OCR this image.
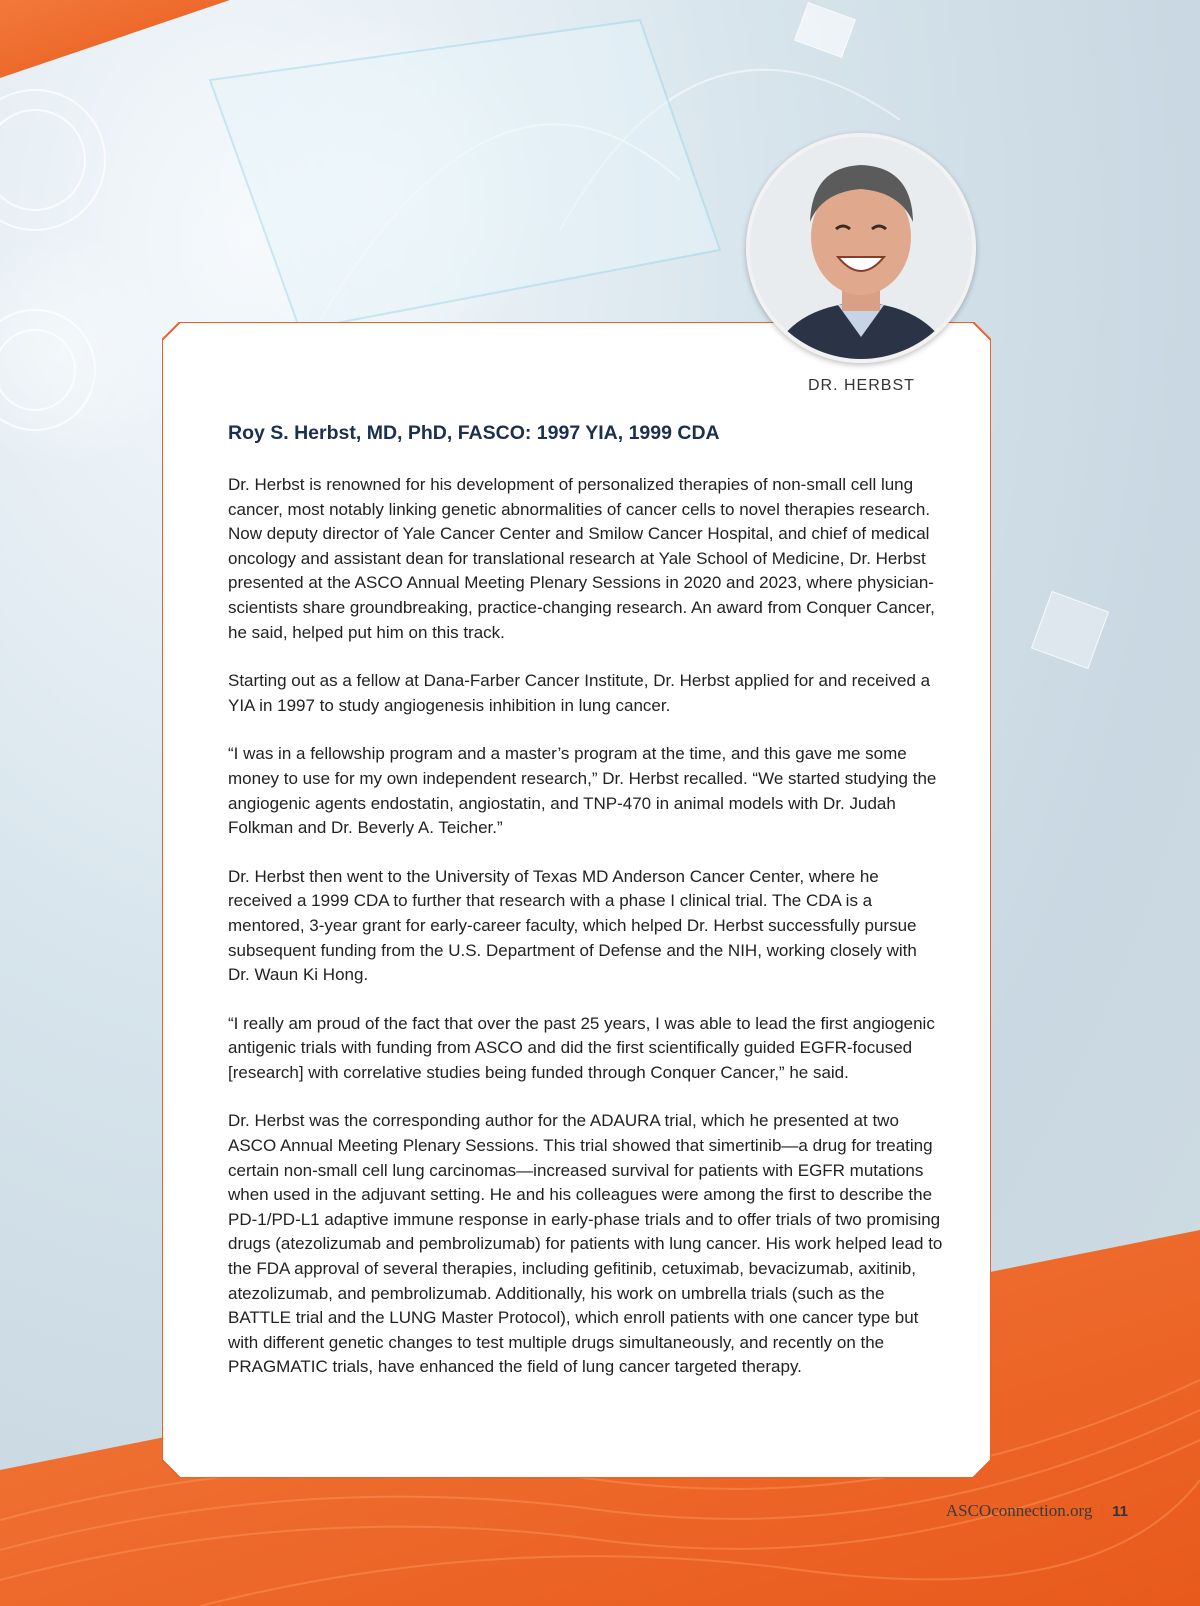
DR. HERBST
Roy S. Herbst, MD, PhD, FASCO: 1997 YIA, 1999 CDA

Dr. Herbst is renowned for his development of personalized therapies of non-small cell lung cancer, most notably linking genetic abnormalities of cancer cells to novel therapies research. Now deputy director of Yale Cancer Center and Smilow Cancer Hospital, and chief of medical oncology and assistant dean for translational research at Yale School of Medicine, Dr. Herbst presented at the ASCO Annual Meeting Plenary Sessions in 2020 and 2023, where physician-scientists share groundbreaking, practice-changing research. An award from Conquer Cancer, he said, helped put him on this track.

Starting out as a fellow at Dana-Farber Cancer Institute, Dr. Herbst applied for and received a YIA in 1997 to study angiogenesis inhibition in lung cancer.

“I was in a fellowship program and a master’s program at the time, and this gave me some money to use for my own independent research,” Dr. Herbst recalled. “We started studying the angiogenic agents endostatin, angiostatin, and TNP-470 in animal models with Dr. Judah Folkman and Dr. Beverly A. Teicher.”

Dr. Herbst then went to the University of Texas MD Anderson Cancer Center, where he received a 1999 CDA to further that research with a phase I clinical trial. The CDA is a mentored, 3-year grant for early-career faculty, which helped Dr. Herbst successfully pursue subsequent funding from the U.S. Department of Defense and the NIH, working closely with Dr. Waun Ki Hong.

“I really am proud of the fact that over the past 25 years, I was able to lead the first angiogenic antigenic trials with funding from ASCO and did the first scientifically guided EGFR-focused [research] with correlative studies being funded through Conquer Cancer,” he said.

Dr. Herbst was the corresponding author for the ADAURA trial, which he presented at two ASCO Annual Meeting Plenary Sessions. This trial showed that simertinib—a drug for treating certain non-small cell lung carcinomas—increased survival for patients with EGFR mutations when used in the adjuvant setting. He and his colleagues were among the first to describe the PD-1/PD-L1 adaptive immune response in early-phase trials and to offer trials of two promising drugs (atezolizumab and pembrolizumab) for patients with lung cancer. His work helped lead to the FDA approval of several therapies, including gefitinib, cetuximab, bevacizumab, axitinib, atezolizumab, and pembrolizumab. Additionally, his work on umbrella trials (such as the BATTLE trial and the LUNG Master Protocol), which enroll patients with one cancer type but with different genetic changes to test multiple drugs simultaneously, and recently on the PRAGMATIC trials, have enhanced the field of lung cancer targeted therapy.

ASCOconnection.org | 11
